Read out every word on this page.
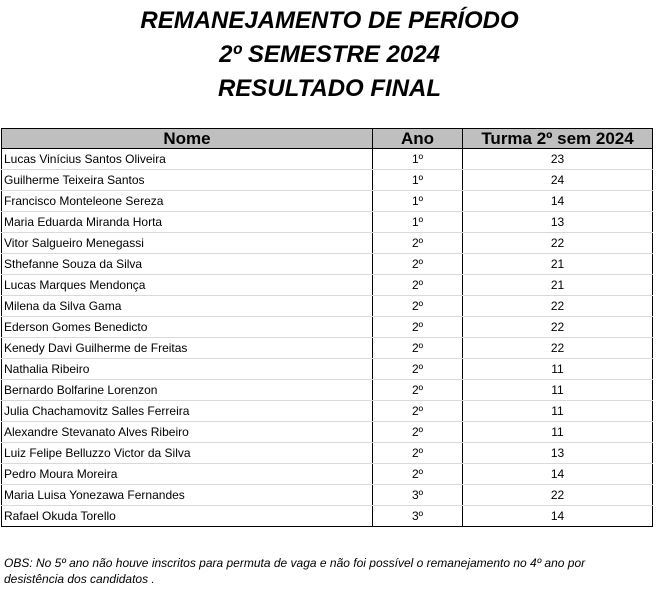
REMANEJAMENTO DE PERÍODO

2º SEMESTRE 2024

RESULTADO FINAL

Nome	Ano	Turma 2º sem 2024
Lucas Vinícius Santos Oliveira	1º	23
Guilherme Teixeira Santos	1º	24
Francisco Monteleone Sereza	1º	14
Maria Eduarda Miranda Horta	1º	13
Vitor Salgueiro Menegassi	2º	22
Sthefanne Souza da Silva	2º	21
Lucas Marques Mendonça	2º	21
Milena da Silva Gama	2º	22
Ederson Gomes Benedicto	2º	22
Kenedy Davi Guilherme de Freitas	2º	22
Nathalia Ribeiro	2º	11
Bernardo Bolfarine Lorenzon	2º	11
Julia Chachamovitz Salles Ferreira	2º	11
Alexandre Stevanato Alves Ribeiro	2º	11
Luiz Felipe Belluzzo Victor da Silva	2º	13
Pedro Moura Moreira	2º	14
Maria Luisa Yonezawa Fernandes	3º	22
Rafael Okuda Torello	3º	14

OBS: No 5º ano não houve inscritos para permuta de vaga e não foi possível o remanejamento no 4º ano por desistência dos candidatos .
